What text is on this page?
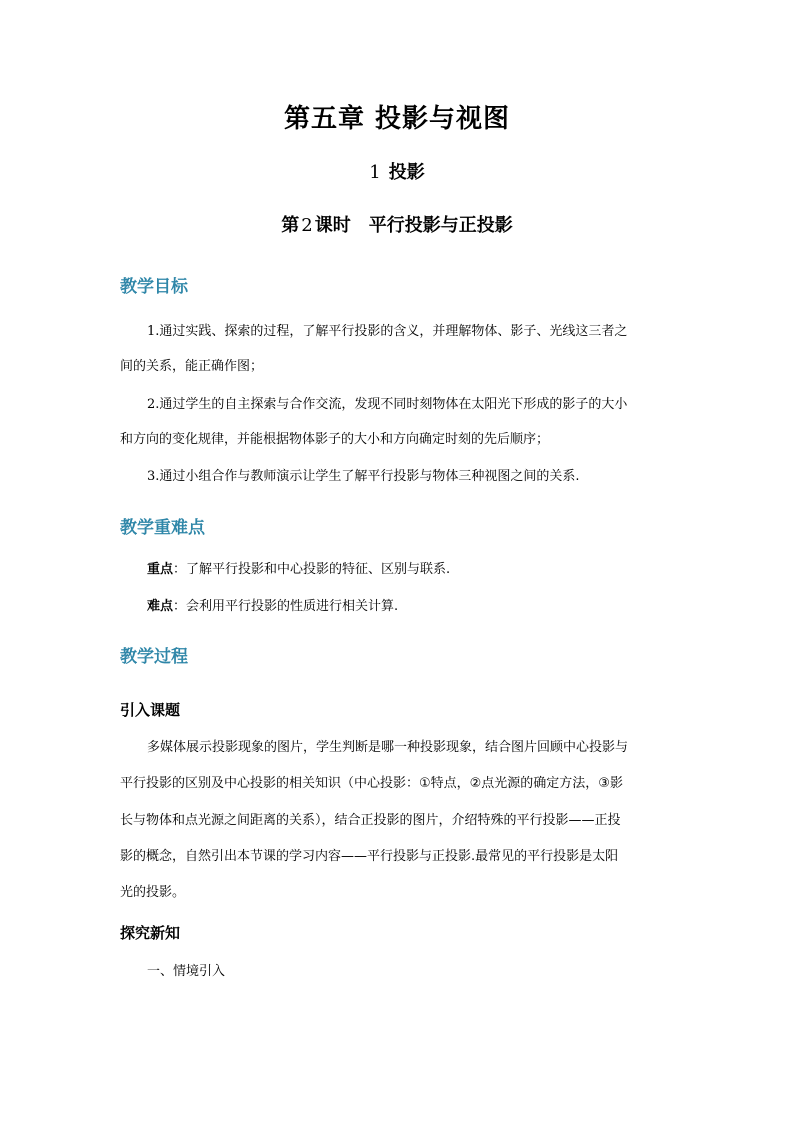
第五章 投影与视图
1 投影
第 2 课时 平行投影与正投影
教学目标
1.通过实践、探索的过程，了解平行投影的含义，并理解物体、影子、光线这三者之
间的关系，能正确作图；
2.通过学生的自主探索与合作交流，发现不同时刻物体在太阳光下形成的影子的大小
和方向的变化规律，并能根据物体影子的大小和方向确定时刻的先后顺序；
3.通过小组合作与教师演示让学生了解平行投影与物体三种视图之间的关系.
教学重难点
重点：了解平行投影和中心投影的特征、区别与联系.
难点：会利用平行投影的性质进行相关计算.
教学过程
引入课题
多媒体展示投影现象的图片，学生判断是哪一种投影现象，结合图片回顾中心投影与
平行投影的区别及中心投影的相关知识（中心投影：①特点，②点光源的确定方法，③影
长与物体和点光源之间距离的关系），结合正投影的图片，介绍特殊的平行投影——正投
影的概念，自然引出本节课的学习内容——平行投影与正投影.最常见的平行投影是太阳
光的投影。
探究新知
一、情境引入
